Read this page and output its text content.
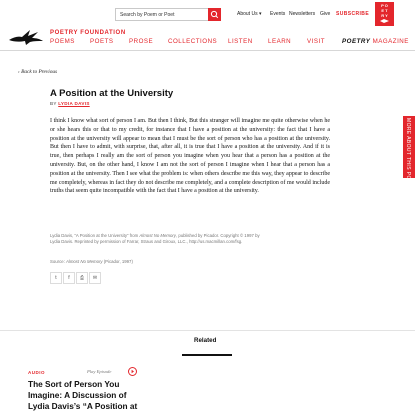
Search by Poem or Poet
About Us ▾ Events Newsletters Give SUBSCRIBE
P O
E T
R Y
POETRY FOUNDATION
POEMS POETS	PROSE COLLECTIONS LISTEN LEARN	VISIT	POETRY MAGAZINE
‹ Back to Previous
MORE ABOUT THIS POEM ▾
A Position at the University
BY LYDIA DAVIS
I think I know what sort of person I am. But then I think, But this stranger will imagine me quite otherwise when he or she hears this or that to my credit, for instance that I have a position at the university: the fact that I have a position at the university will appear to mean that I must be the sort of person who has a position at the university. But then I have to admit, with surprise, that, after all, it is true that I have a position at the university. And if it is true, then perhaps I really am the sort of person you imagine when you hear that a person has a position at the university. But, on the other hand, I know I am not the sort of person I imagine when I hear that a person has a position at the university. Then I see what the problem is: when others describe me this way, they appear to describe me completely, whereas in fact they do not describe me completely, and a complete description of me would include truths that seem quite incompatible with the fact that I have a position at the university.
Lydia Davis, “A Position at the University” from Almost No Memory, published by Picador. Copyright © 1997 by Lydia Davis. Reprinted by permission of Farrar, Straus and Giroux, LLC., http://us.macmillan.com/fsg.
Source: Almost No Memory (Picador, 1997)
t	f	⎙	✉
Related
AUDIO	Play Episode
The Sort of Person You Imagine: A Discussion of Lydia Davis’s “A Position at
